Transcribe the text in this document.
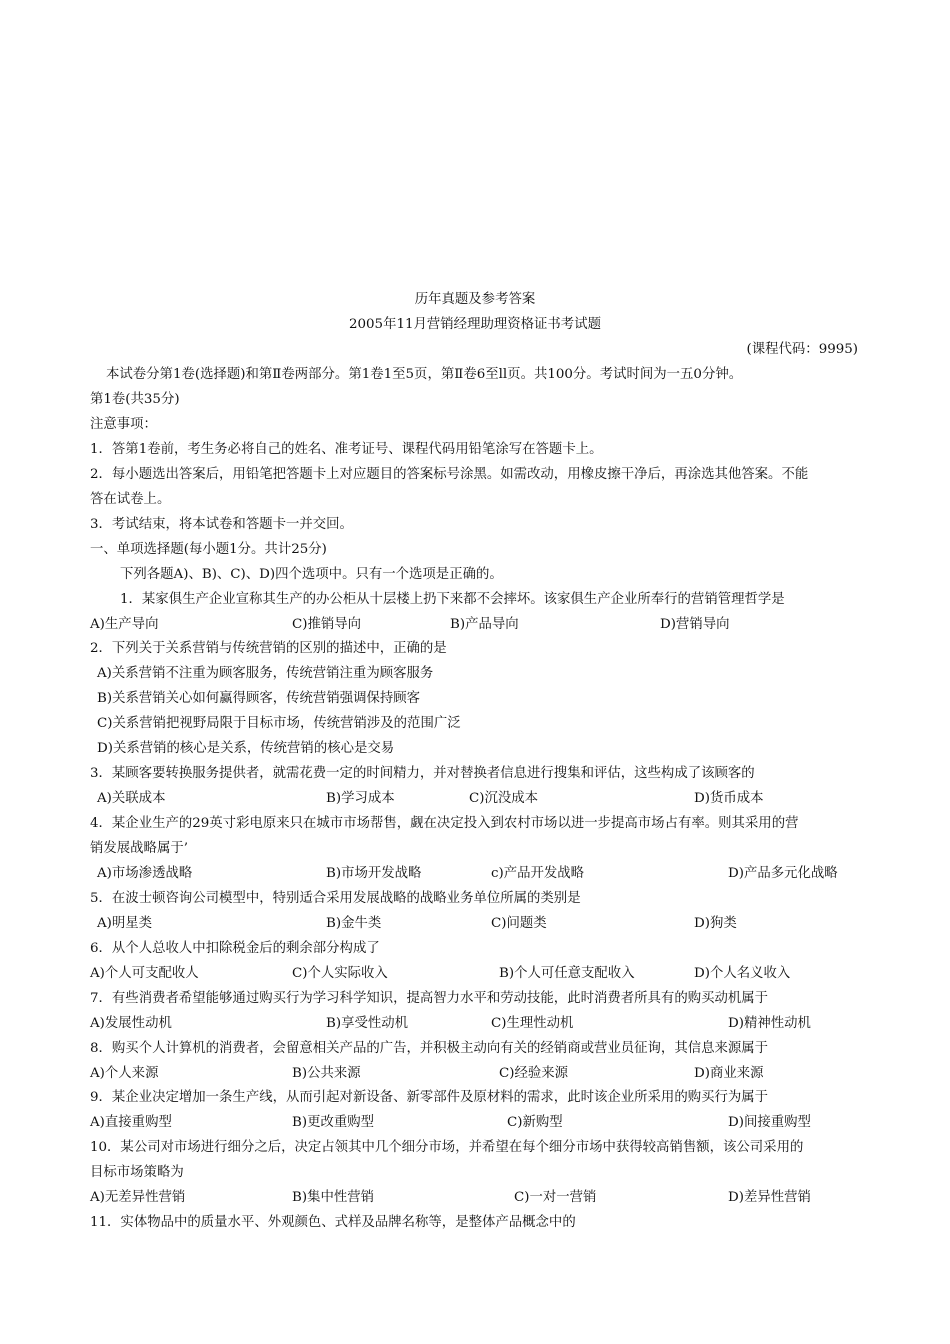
历年真题及参考答案
2005年11月营销经理助理资格证书考试题
(课程代码：9995)
本试卷分第1卷(选择题)和第Ⅱ卷两部分。第1卷1至5页，第Ⅱ卷6至ll页。共100分。考试时间为一五0分钟。
第1卷(共35分)
注意事项：
1．答第1卷前，考生务必将自己的姓名、准考证号、课程代码用铅笔涂写在答题卡上。
2．每小题选出答案后，用铅笔把答题卡上对应题目的答案标号涂黑。如需改动，用橡皮擦干净后，再涂选其他答案。不能
答在试卷上。
3．考试结束，将本试卷和答题卡一并交回。
一、单项选择题(每小题1分。共计25分)
下列各题A)、B)、C)、D)四个选项中。只有一个选项是正确的。
1．某家俱生产企业宣称其生产的办公柜从十层楼上扔下来都不会摔坏。该家俱生产企业所奉行的营销管理哲学是
A)生产导向	C)推销导向	B)产品导向	D)营销导向
2．下列关于关系营销与传统营销的区别的描述中，正确的是
A)关系营销不注重为顾客服务，传统营销注重为顾客服务
B)关系营销关心如何赢得顾客，传统营销强调保持顾客
C)关系营销把视野局限于目标市场，传统营销涉及的范围广泛
D)关系营销的核心是关系，传统营销的核心是交易
3．某顾客要转换服务提供者，就需花费一定的时间精力，并对替换者信息进行搜集和评估，这些构成了该顾客的
A)关联成本	B)学习成本	C)沉没成本	D)货币成本
4．某企业生产的29英寸彩电原来只在城市市场帮售，觑在决定投入到农村市场以进一步提高市场占有率。则其采用的营
销发展战略属于’
A)市场渗透战略	B)市场开发战略	c)产品开发战略	D)产品多元化战略
5．在波士顿咨询公司模型中，特别适合采用发展战略的战略业务单位所属的类别是
A)明星类	B)金牛类	C)问题类	D)狗类
6．从个人总收人中扣除税金后的剩余部分构成了
A)个人可支配收人	C)个人实际收入	B)个人可任意支配收入	D)个人名义收入
7．有些消费者希望能够通过购买行为学习科学知识，提高智力水平和劳动技能，此时消费者所具有的购买动机属于
A)发展性动机	B)享受性动机	C)生理性动机	D)精神性动机
8．购买个人计算机的消费者，会留意相关产品的广告，并积极主动向有关的经销商或营业员征询，其信息来源属于
A)个人来源	B)公共来源	C)经验来源	D)商业来源
9．某企业决定增加一条生产线，从而引起对新设备、新零部件及原材料的需求，此时该企业所采用的购买行为属于
A)直接重购型	B)更改重购型	C)新购型	D)间接重购型
10．某公司对市场进行细分之后，决定占领其中几个细分市场，并希望在每个细分市场中获得较高销售额，该公司采用的
目标市场策略为
A)无差异性营销	B)集中性营销	C)一对一营销	D)差异性营销
11．实体物品中的质量水平、外观颜色、式样及品牌名称等，是整体产品概念中的
